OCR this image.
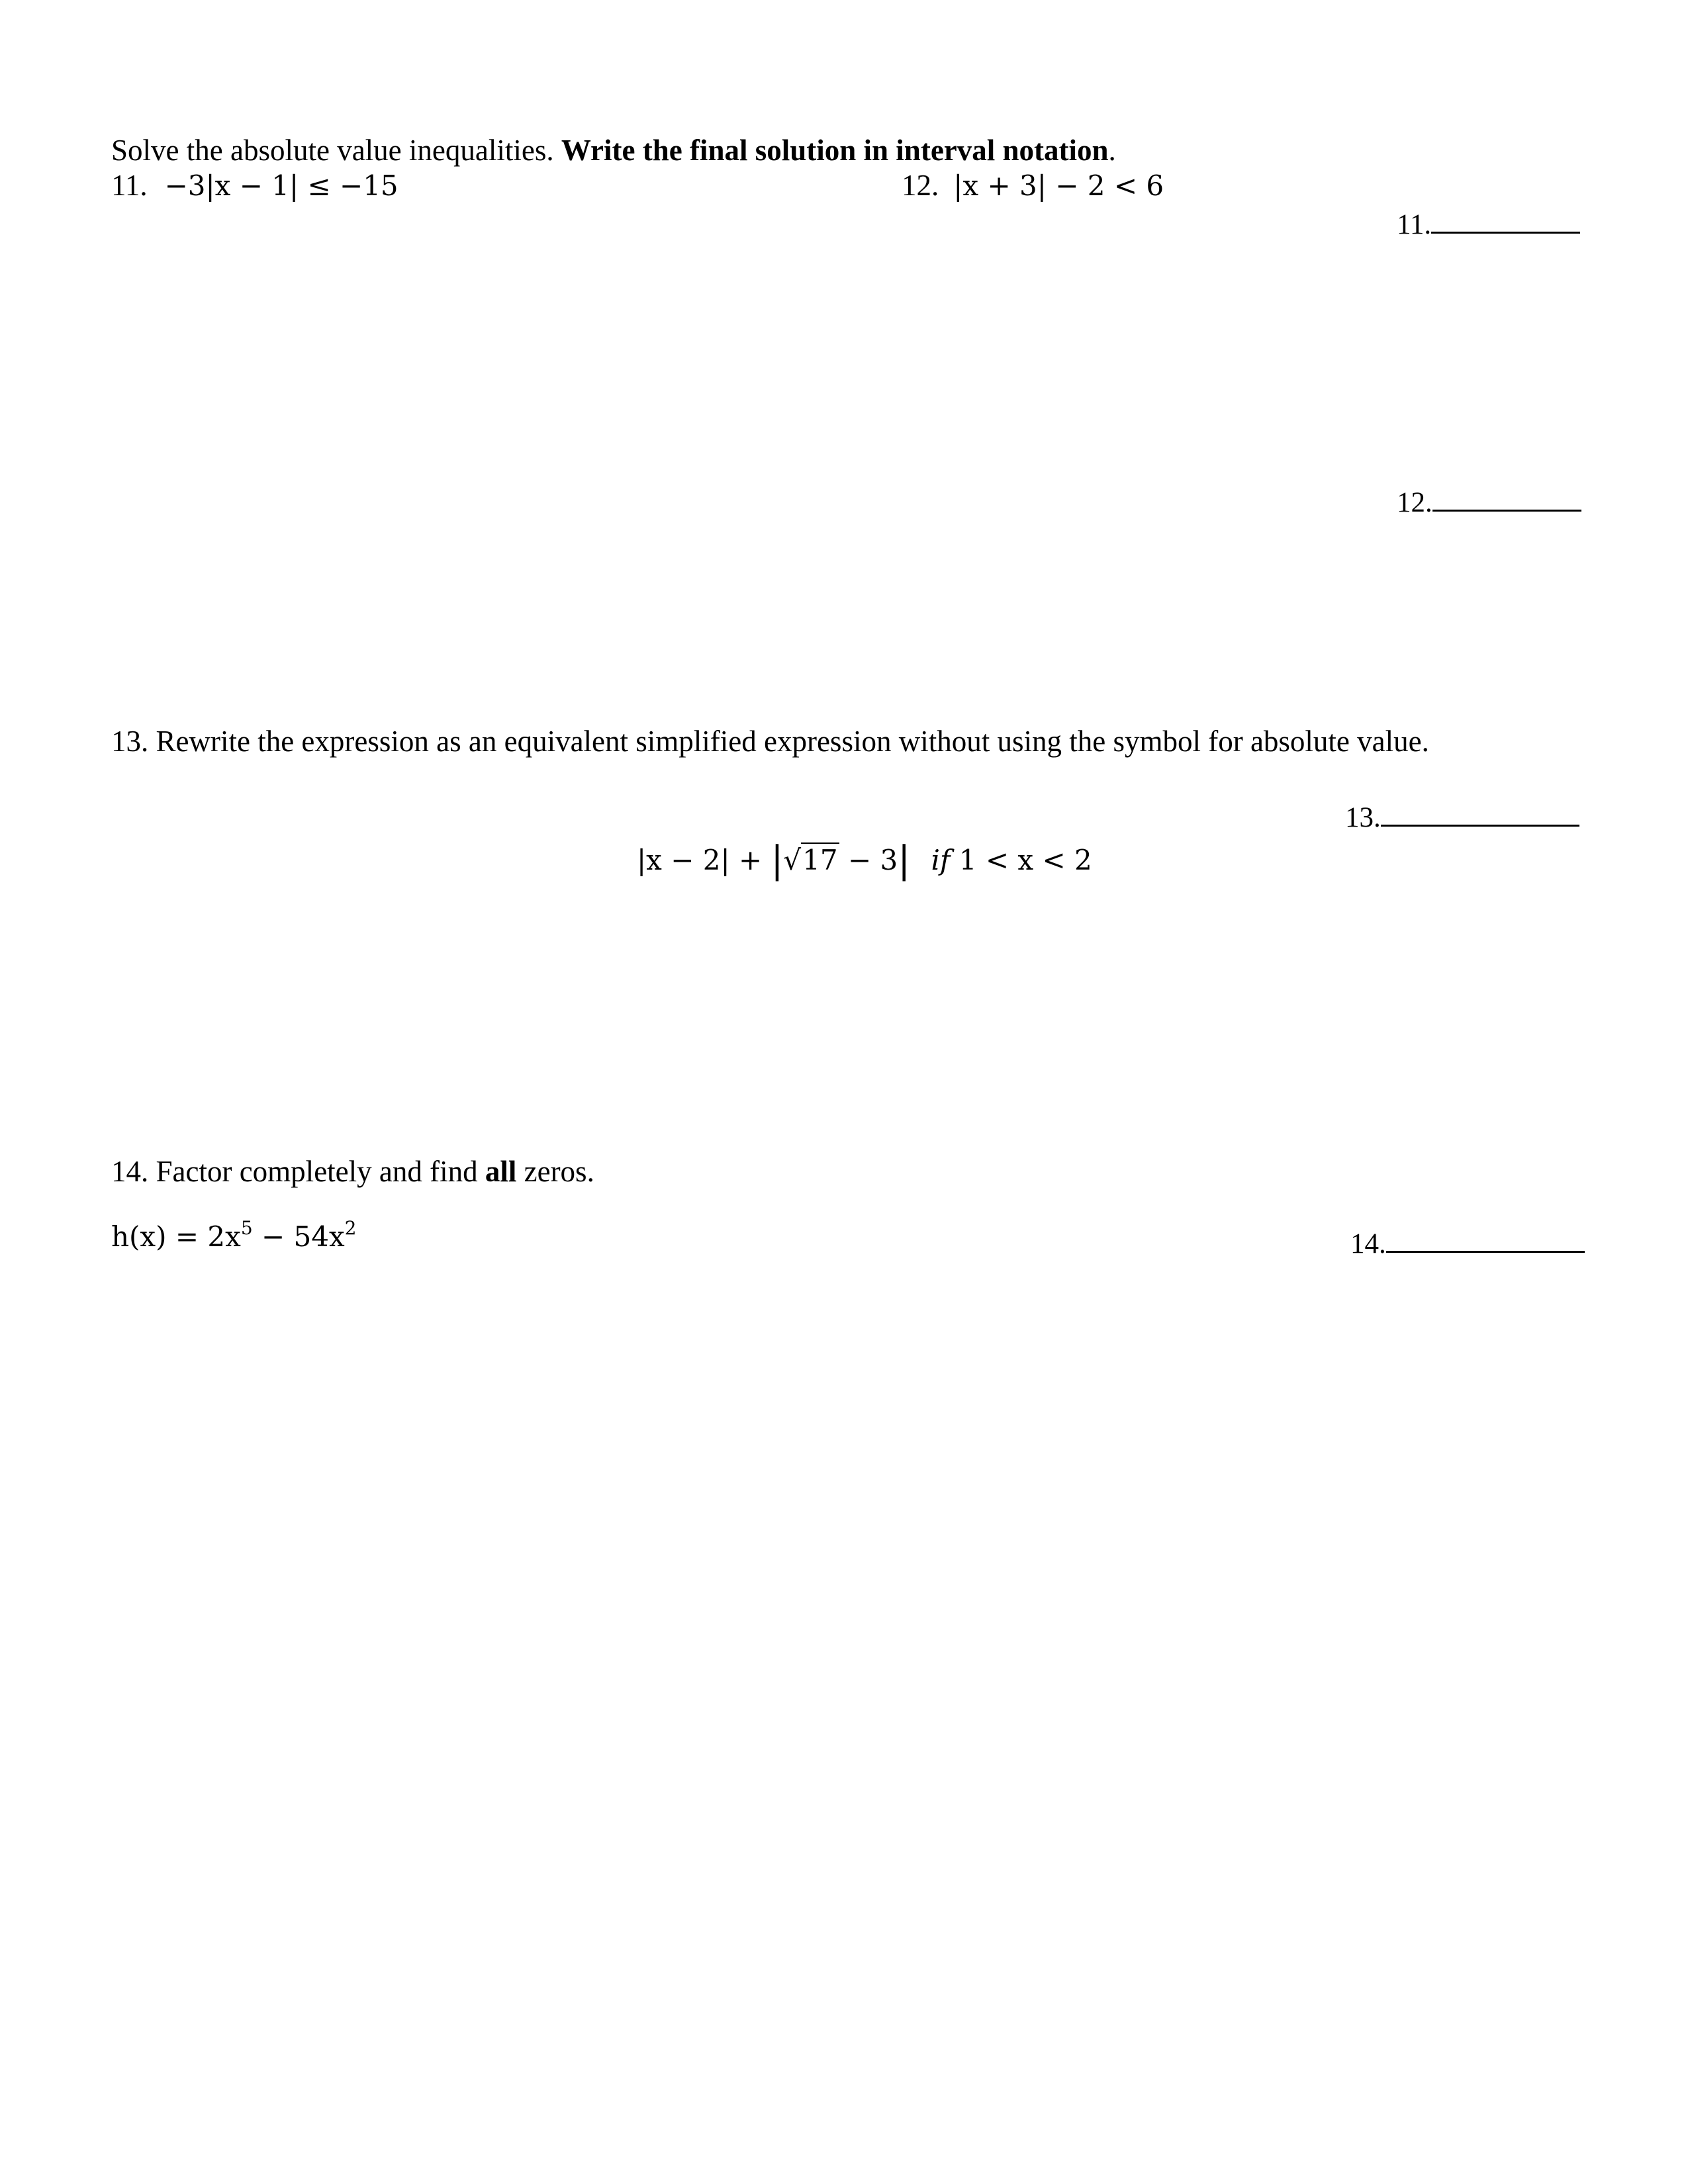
Solve the absolute value inequalities. Write the final solution in interval notation.
11. −3|x − 1| ≤ −15	12. |x + 3| − 2 < 6
11.
12.
13. Rewrite the expression as an equivalent simplified expression without using the symbol for absolute value.
13.
|x − 2| + |√17 − 3| if 1 < x < 2
14. Factor completely and find all zeros.
$h(x) = 2x^5 - 54x^2$
14.
